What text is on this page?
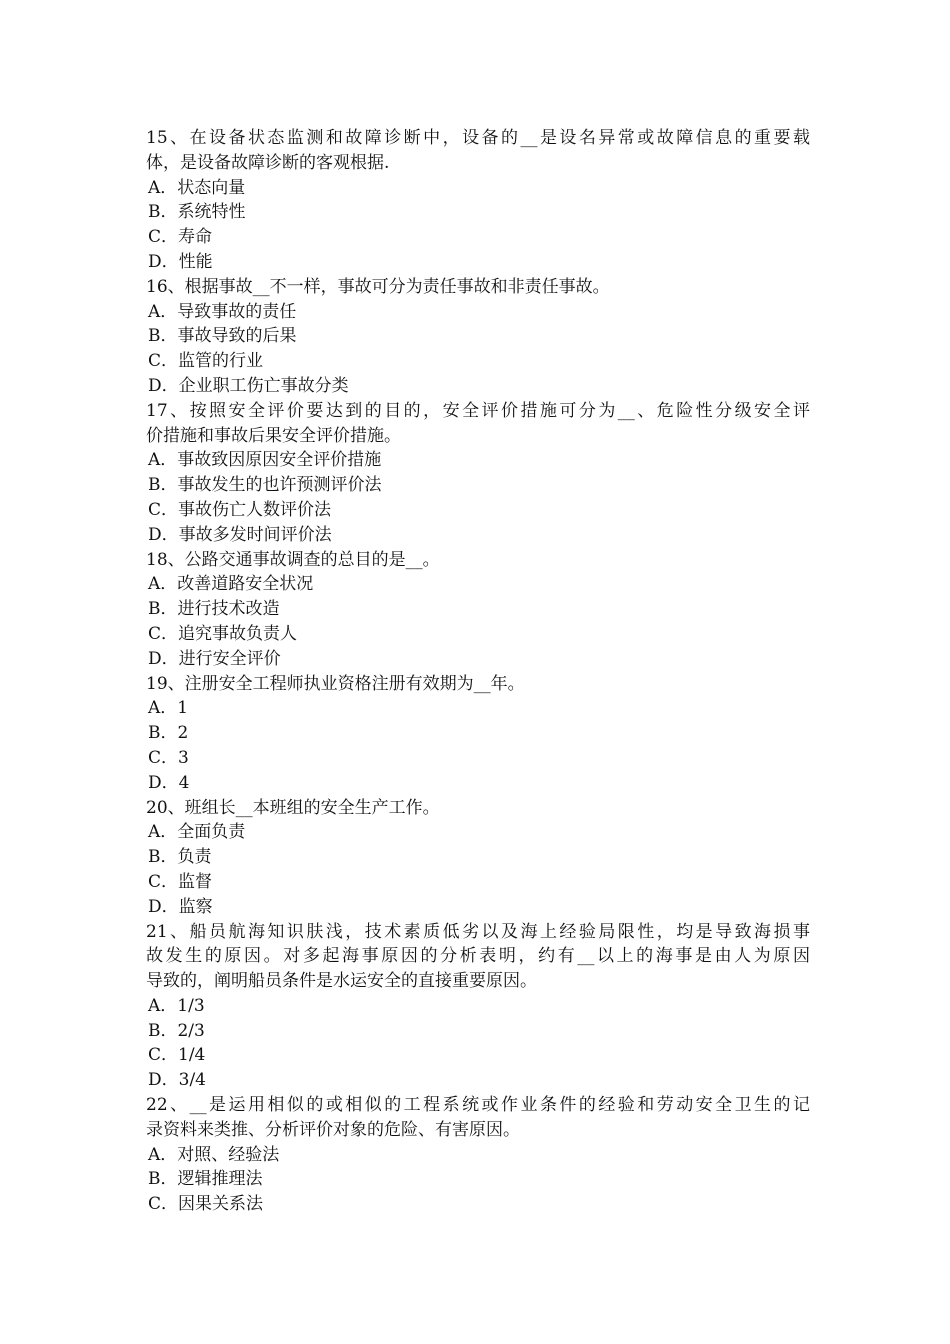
15、在设备状态监测和故障诊断中，设备的__是设名异常或故障信息的重要载
体，是设备故障诊断的客观根据.
A．状态向量
B．系统特性
C．寿命
D．性能
16、根据事故__不一样，事故可分为责任事故和非责任事故。
A．导致事故的责任
B．事故导致的后果
C．监管的行业
D．企业职工伤亡事故分类
17、按照安全评价要达到的目的，安全评价措施可分为__、危险性分级安全评
价措施和事故后果安全评价措施。
A．事故致因原因安全评价措施
B．事故发生的也许预测评价法
C．事故伤亡人数评价法
D．事故多发时间评价法
18、公路交通事故调查的总目的是__。
A．改善道路安全状况
B．进行技术改造
C．追究事故负责人
D．进行安全评价
19、注册安全工程师执业资格注册有效期为__年。
A．1
B．2
C．3
D．4
20、班组长__本班组的安全生产工作。
A．全面负责
B．负责
C．监督
D．监察
21、船员航海知识肤浅，技术素质低劣以及海上经验局限性，均是导致海损事
故发生的原因。对多起海事原因的分析表明，约有__以上的海事是由人为原因
导致的，阐明船员条件是水运安全的直接重要原因。
A．1/3
B．2/3
C．1/4
D．3/4
22、__是运用相似的或相似的工程系统或作业条件的经验和劳动安全卫生的记
录资料来类推、分析评价对象的危险、有害原因。
A．对照、经验法
B．逻辑推理法
C．因果关系法
